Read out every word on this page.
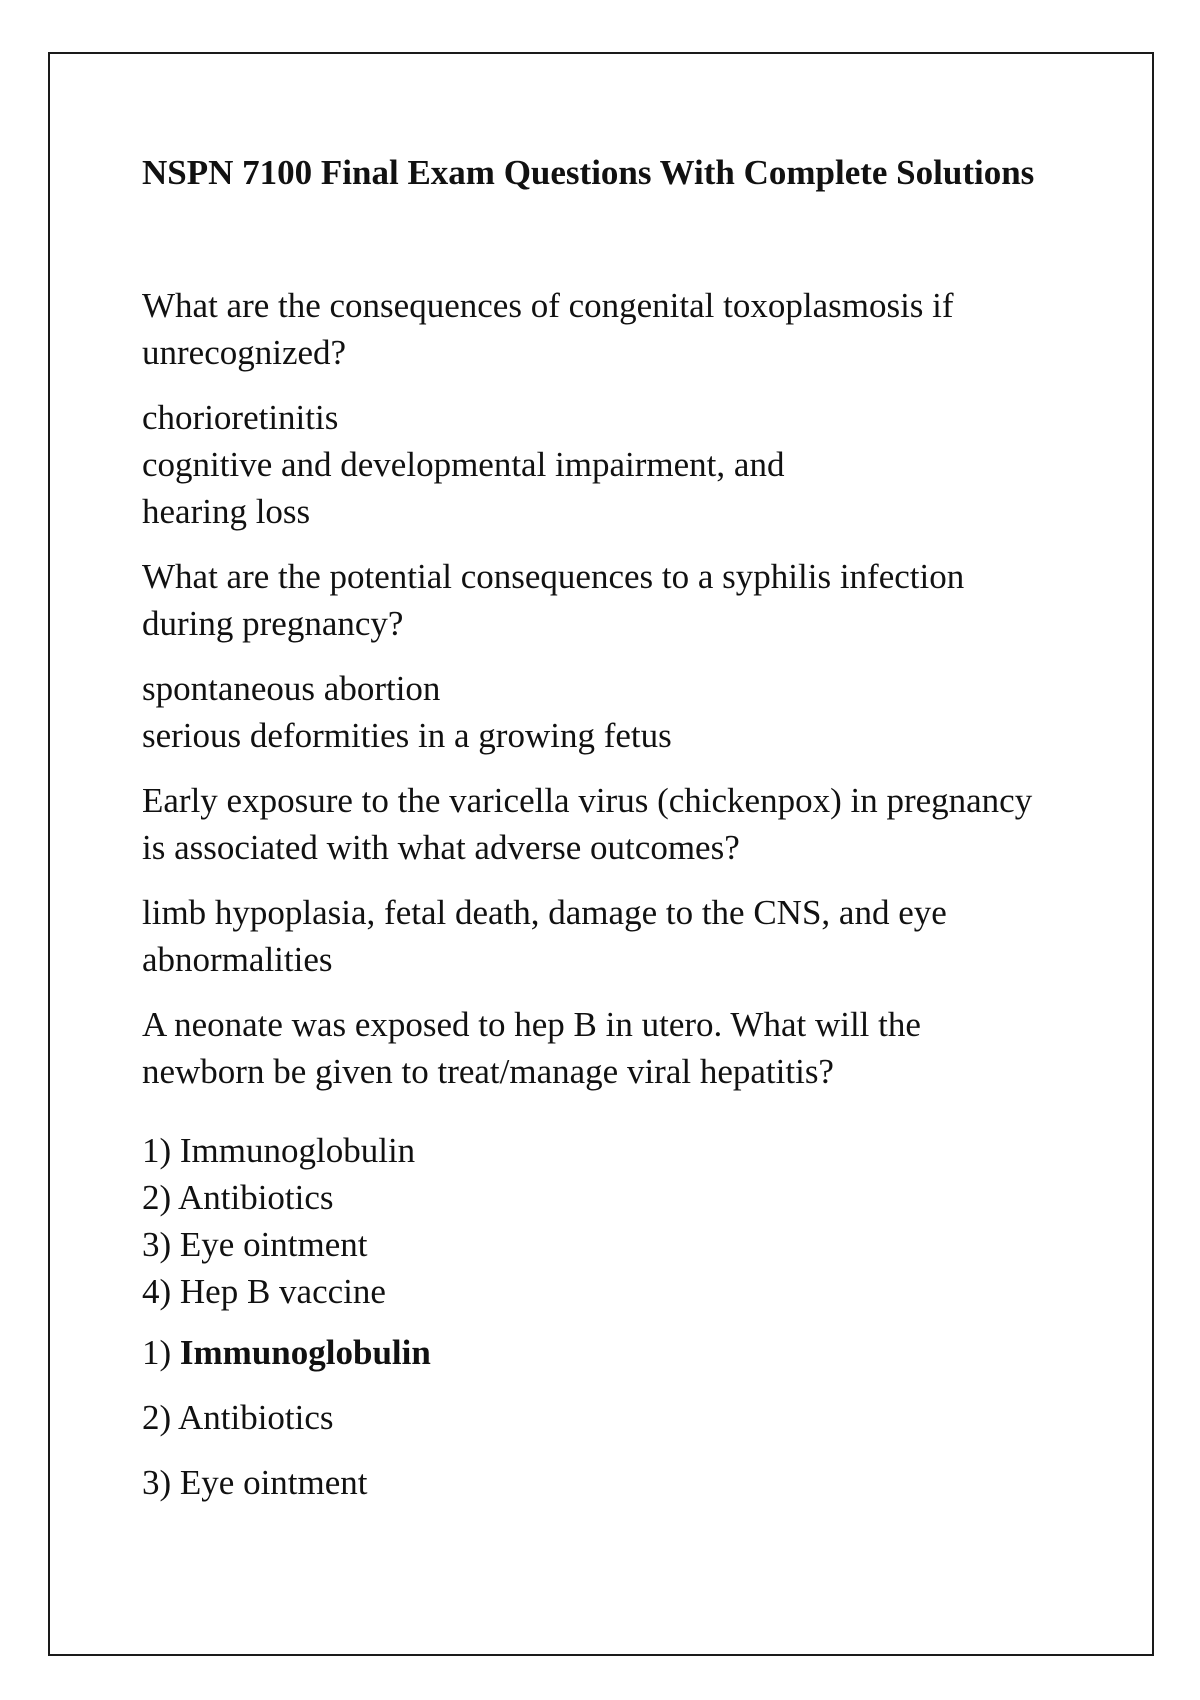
NSPN 7100 Final Exam Questions With Complete Solutions
What are the consequences of congenital toxoplasmosis if
unrecognized?
chorioretinitis
cognitive and developmental impairment, and
hearing loss
What are the potential consequences to a syphilis infection
during pregnancy?
spontaneous abortion
serious deformities in a growing fetus
Early exposure to the varicella virus (chickenpox) in pregnancy
is associated with what adverse outcomes?
limb hypoplasia, fetal death, damage to the CNS, and eye
abnormalities
A neonate was exposed to hep B in utero. What will the
newborn be given to treat/manage viral hepatitis?
1) Immunoglobulin
2) Antibiotics
3) Eye ointment
4) Hep B vaccine
1) Immunoglobulin
2) Antibiotics
3) Eye ointment
